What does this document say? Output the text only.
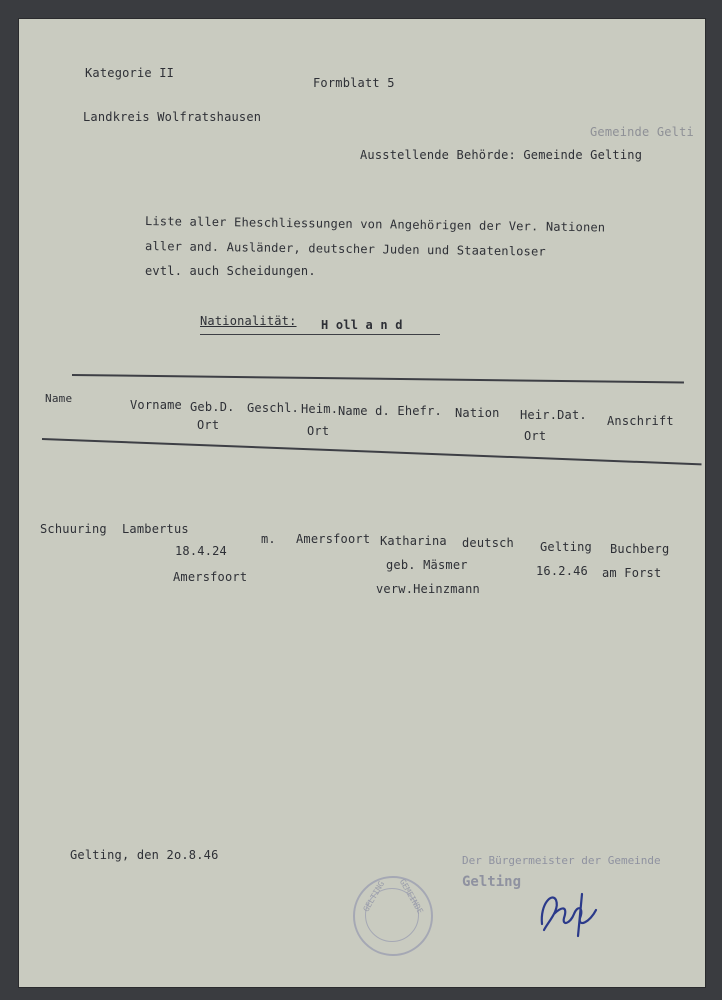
Kategorie II
Formblatt 5
Landkreis Wolfratshausen
Gemeinde Gelti
Ausstellende Behörde: Gemeinde Gelting
Liste aller Eheschliessungen von Angehörigen der Ver. Nationen
aller and. Ausländer, deutscher Juden und Staatenloser
evtl. auch Scheidungen.
Nationalität: H oll a n d
Name	Vorname Geb.D.
Ort
Geschl. Heim.
Ort
Name d. Ehefr. Nation Heir.Dat.
Ort
Anschrift
Schuuring Lambertus
18.4.24
Amersfoort
m. Amersfoort Katharina
geb. Mäsmer
verw.Heinzmann
deutsch Gelting
16.2.46
Buchberg
am Forst
Gelting, den 2o.8.46
GELTING GEMEINDE
Der Bürgermeister der Gemeinde
Gelting
